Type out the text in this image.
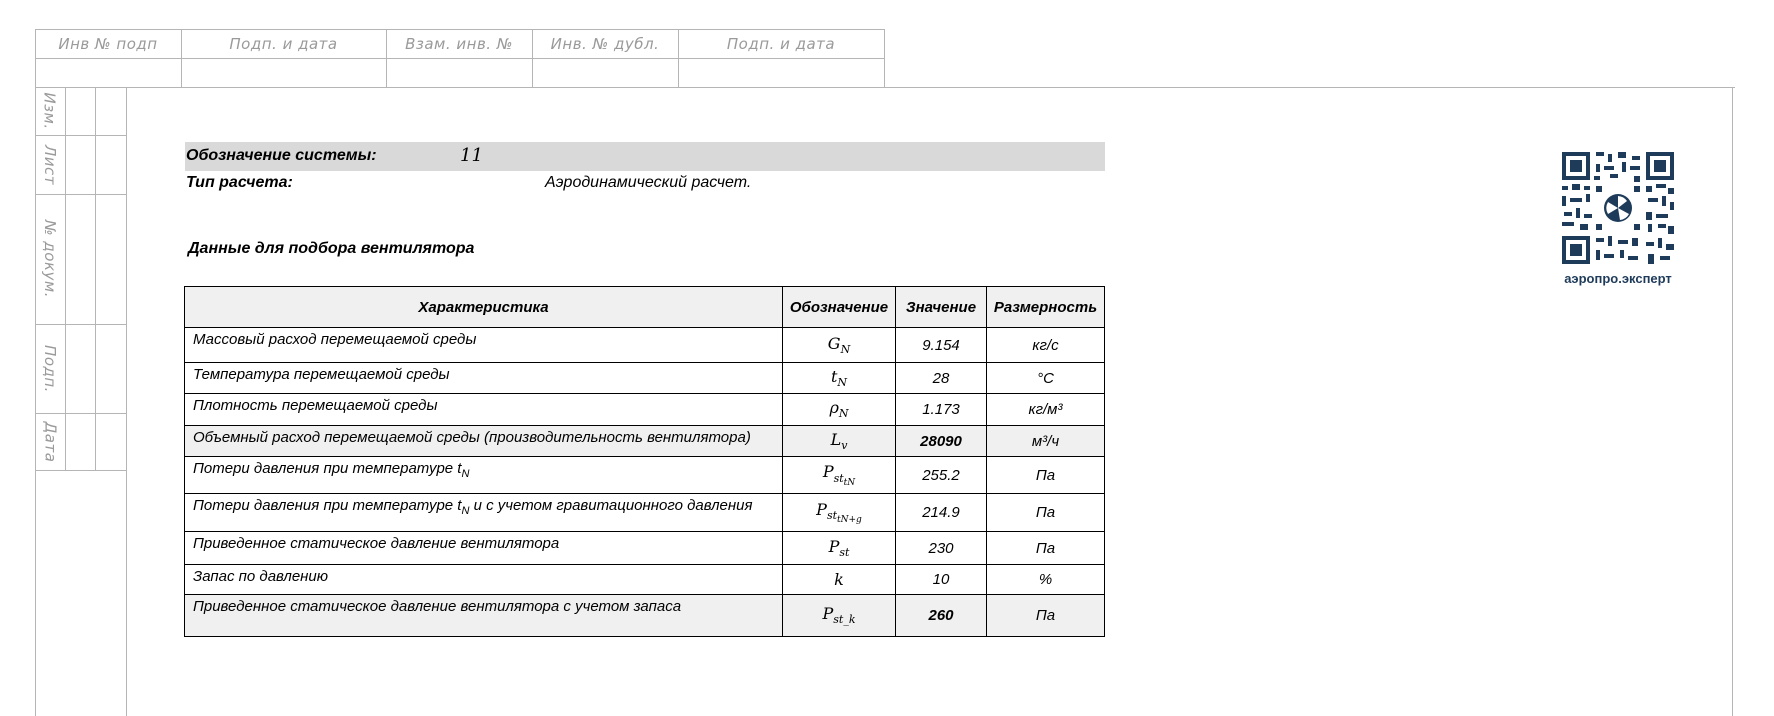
Инв № подп	Подп. и дата	Взам. инв. №	Инв. № дубл.	Подп. и дата
Изм.
Лист
№ докум.
Подп.
Дата
Обозначение системы:	11
Тип расчета:	Аэродинамический расчет.
Данные для подбора вентилятора
Характеристика	Обозначение	Значение	Размерность
Массовый расход перемещаемой среды	$G_N$	9.154	кг/с
Температура перемещаемой среды	$t_N$	28	°C
Плотность перемещаемой среды	$\rho_N$	1.173	кг/м³
Объемный расход перемещаемой среды (производительность вентилятора)	$L_v$	28090	м³/ч
Потери давления при температуре $t_N$	$P_{st_{tN}}$	255.2	Па
Потери давления при температуре $t_N$ и с учетом гравитационного давления	$P_{st_{tN+g}}$	214.9	Па
Приведенное статическое давление вентилятора	$P_{st}$	230	Па
Запас по давлению	k	10	%
Приведенное статическое давление вентилятора с учетом запаса	$P_{st\_k}$	260	Па
аэропро.эксперт
